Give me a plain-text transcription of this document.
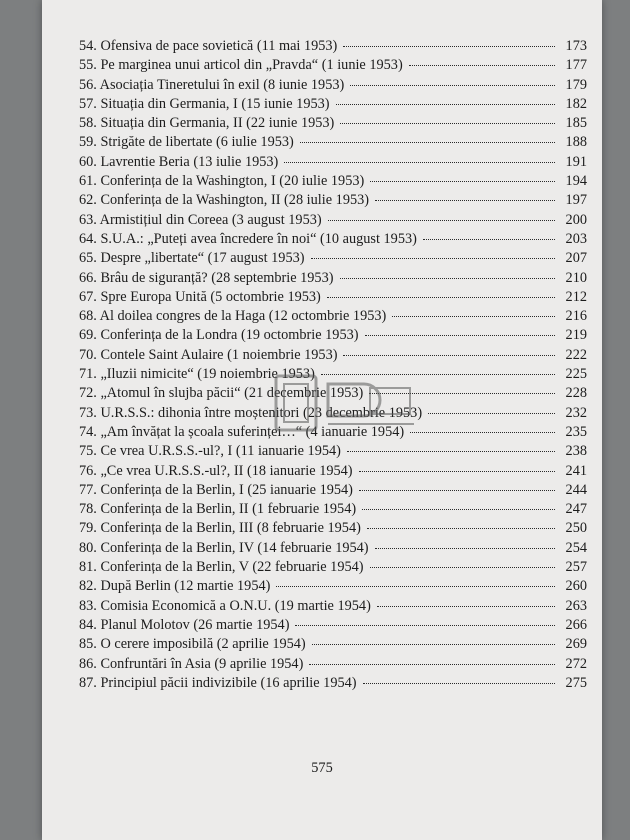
54. Ofensiva de pace sovietică (11 mai 1953)	173
55. Pe marginea unui articol din „Pravda“ (1 iunie 1953)	177
56. Asociația Tineretului în exil (8 iunie 1953)	179
57. Situația din Germania, I (15 iunie 1953)	182
58. Situația din Germania, II (22 iunie 1953)	185
59. Strigăte de libertate (6 iulie 1953)	188
60. Lavrentie Beria (13 iulie 1953)	191
61. Conferința de la Washington, I (20 iulie 1953)	194
62. Conferința de la Washington, II (28 iulie 1953)	197
63. Armistițiul din Coreea (3 august 1953)	200
64. S.U.A.: „Puteți avea încredere în noi“ (10 august 1953)	203
65. Despre „libertate“ (17 august 1953)	207
66. Brâu de siguranță? (28 septembrie 1953)	210
67. Spre Europa Unită (5 octombrie 1953)	212
68. Al doilea congres de la Haga (12 octombrie 1953)	216
69. Conferința de la Londra (19 octombrie 1953)	219
70. Contele Saint Aulaire (1 noiembrie 1953)	222
71. „Iluzii nimicite“ (19 noiembrie 1953)	225
72. „Atomul în slujba păcii“ (21 decembrie 1953)	228
73. U.R.S.S.: dihonia între moștenitori (23 decembrie 1953)	232
74. „Am învățat la școala suferinței…“ (4 ianuarie 1954)	235
75. Ce vrea U.R.S.S.-ul?, I (11 ianuarie 1954)	238
76. „Ce vrea U.R.S.S.-ul?, II (18 ianuarie 1954)	241
77. Conferința de la Berlin, I (25 ianuarie 1954)	244
78. Conferința de la Berlin, II (1 februarie 1954)	247
79. Conferința de la Berlin, III (8 februarie 1954)	250
80. Conferința de la Berlin, IV (14 februarie 1954)	254
81. Conferința de la Berlin, V (22 februarie 1954)	257
82. După Berlin (12 martie 1954)	260
83. Comisia Economică a O.N.U. (19 martie 1954)	263
84. Planul Molotov (26 martie 1954)	266
85. O cerere imposibilă (2 aprilie 1954)	269
86. Confruntări în Asia (9 aprilie 1954)	272
87. Principiul păcii indivizibile (16 aprilie 1954)	275
575
